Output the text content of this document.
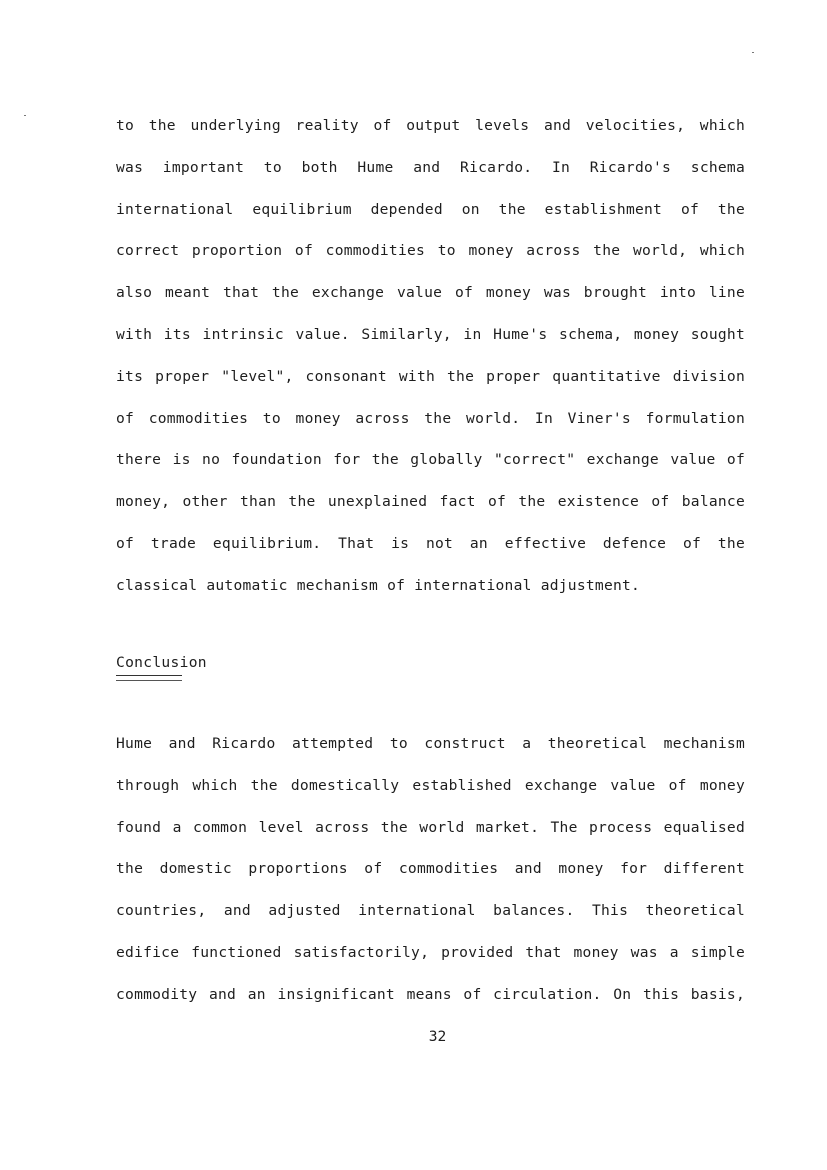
to the underlying reality of output levels and velocities, which
was important to both Hume and Ricardo. In Ricardo's schema
international equilibrium depended on the establishment of the
correct proportion of commodities to money across the world, which
also meant that the exchange value of money was brought into line
with its intrinsic value. Similarly, in Hume's schema, money sought
its proper "level", consonant with the proper quantitative division
of commodities to money across the world. In Viner's formulation
there is no foundation for the globally "correct" exchange value of
money, other than the unexplained fact of the existence of balance
of trade equilibrium. That is not an effective defence of the
classical automatic mechanism of international adjustment.
Conclusion
Hume and Ricardo attempted to construct a theoretical mechanism
through which the domestically established exchange value of money
found a common level across the world market. The process equalised
the domestic proportions of commodities and money for different
countries, and adjusted international balances. This theoretical
edifice functioned satisfactorily, provided that money was a simple
commodity and an insignificant means of circulation. On this basis,
32
